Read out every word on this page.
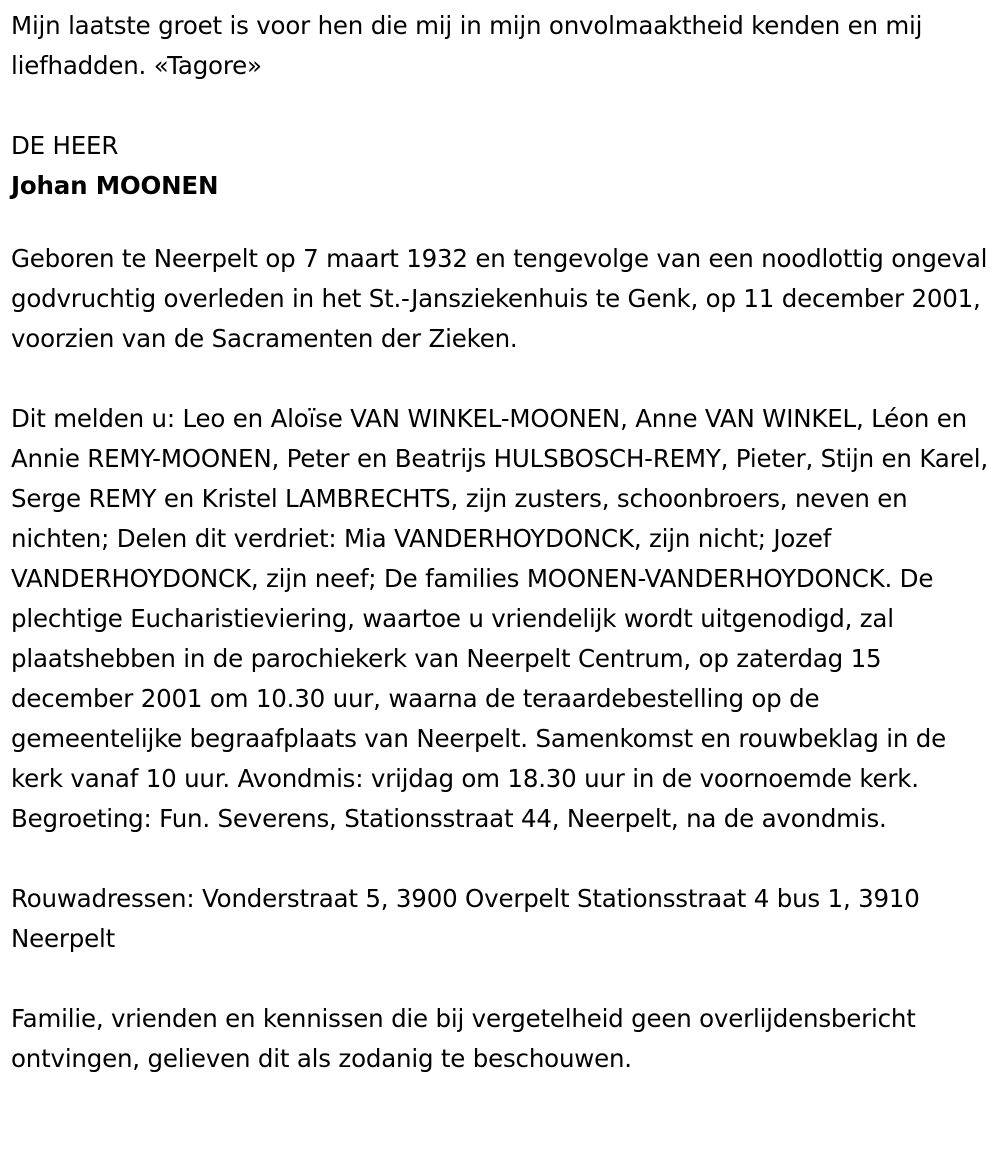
Mijn laatste groet is voor hen die mij in mijn onvolmaaktheid kenden en mij liefhadden. «Tagore»

DE HEER

Johan MOONEN

Geboren te Neerpelt op 7 maart 1932 en tengevolge van een noodlottig ongeval godvruchtig overleden in het St.-Jansziekenhuis te Genk, op 11 december 2001, voorzien van de Sacramenten der Zieken.

Dit melden u: Leo en Aloïse VAN WINKEL-MOONEN, Anne VAN WINKEL, Léon en Annie REMY-MOONEN, Peter en Beatrijs HULSBOSCH-REMY, Pieter, Stijn en Karel, Serge REMY en Kristel LAMBRECHTS, zijn zusters, schoonbroers, neven en nichten; Delen dit verdriet: Mia VANDERHOYDONCK, zijn nicht; Jozef VANDERHOYDONCK, zijn neef; De families MOONEN-VANDERHOYDONCK. De plechtige Eucharistieviering, waartoe u vriendelijk wordt uitgenodigd, zal plaatshebben in de parochiekerk van Neerpelt Centrum, op zaterdag 15 december 2001 om 10.30 uur, waarna de teraardebestelling op de gemeentelijke begraafplaats van Neerpelt. Samenkomst en rouwbeklag in de kerk vanaf 10 uur. Avondmis: vrijdag om 18.30 uur in de voornoemde kerk. Begroeting: Fun. Severens, Stationsstraat 44, Neerpelt, na de avondmis.

Rouwadressen: Vonderstraat 5, 3900 Overpelt Stationsstraat 4 bus 1, 3910 Neerpelt

Familie, vrienden en kennissen die bij vergetelheid geen overlijdensbericht ontvingen, gelieven dit als zodanig te beschouwen.
